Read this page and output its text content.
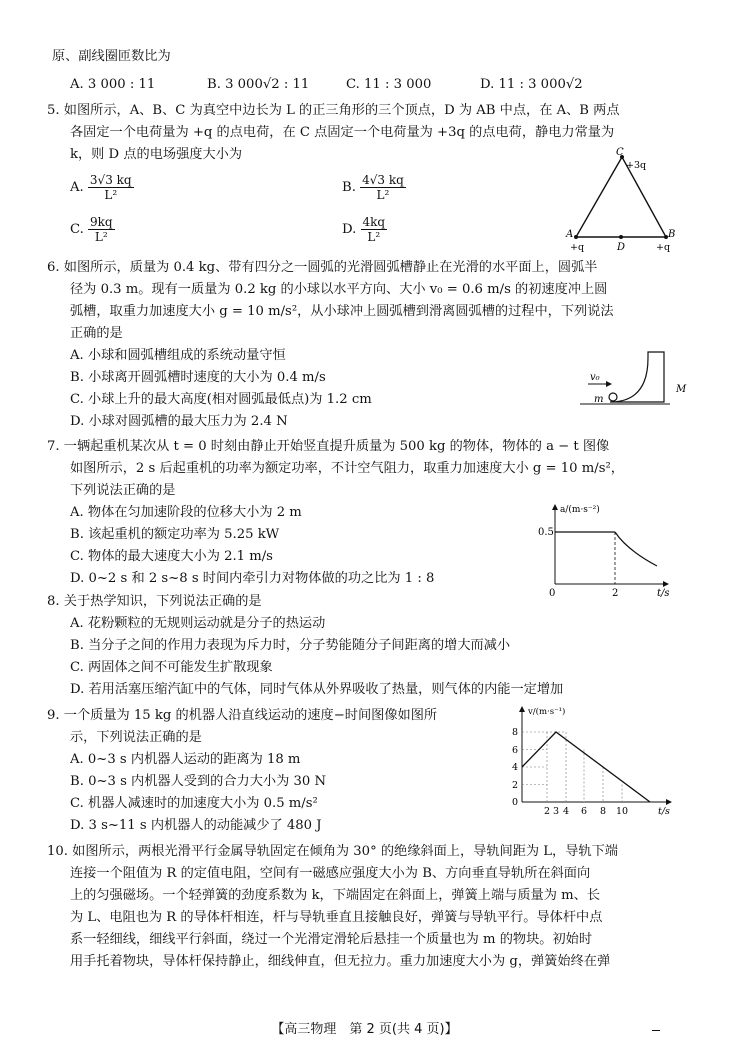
原、副线圈匝数比为
A. 3 000 : 11	B. 3 000√2 : 11	C. 11 : 3 000	D. 11 : 3 000√2
5. 如图所示，A、B、C 为真空中边长为 L 的正三角形的三个顶点，D 为 AB 中点，在 A、B 两点
各固定一个电荷量为 +q 的点电荷，在 C 点固定一个电荷量为 +3q 的点电荷，静电力常量为
k，则 D 点的电场强度大小为
A. $\frac{3√3 kq}{\text{L²}}$	B. $\frac{4√3 kq}{\text{L²}}$
C. $\frac{9kq}{\text{L²}}$	D. $\frac{4kq}{\text{L²}}$
C
+3q
A
+q
B
+q
D
6. 如图所示，质量为 0.4 kg、带有四分之一圆弧的光滑圆弧槽静止在光滑的水平面上，圆弧半
径为 0.3 m。现有一质量为 0.2 kg 的小球以水平方向、大小 v₀ = 0.6 m/s 的初速度冲上圆
弧槽，取重力加速度大小 g = 10 m/s²，从小球冲上圆弧槽到滑离圆弧槽的过程中，下列说法
正确的是
A. 小球和圆弧槽组成的系统动量守恒
B. 小球离开圆弧槽时速度的大小为 0.4 m/s
C. 小球上升的最大高度(相对圆弧最低点)为 1.2 cm
D. 小球对圆弧槽的最大压力为 2.4 N
v₀
m
M
7. 一辆起重机某次从 t = 0 时刻由静止开始竖直提升质量为 500 kg 的物体，物体的 a − t 图像
如图所示，2 s 后起重机的功率为额定功率，不计空气阻力，取重力加速度大小 g = 10 m/s²，
下列说法正确的是
A. 物体在匀加速阶段的位移大小为 2 m
B. 该起重机的额定功率为 5.25 kW
C. 物体的最大速度大小为 2.1 m/s
D. 0~2 s 和 2 s~8 s 时间内牵引力对物体做的功之比为 1 : 8
a/(m·s⁻²)
0.5
2
0	t/s
8. 关于热学知识，下列说法正确的是
A. 花粉颗粒的无规则运动就是分子的热运动
B. 当分子之间的作用力表现为斥力时，分子势能随分子间距离的增大而减小
C. 两固体之间不可能发生扩散现象
D. 若用活塞压缩汽缸中的气体，同时气体从外界吸收了热量，则气体的内能一定增加
9. 一个质量为 15 kg 的机器人沿直线运动的速度−时间图像如图所
示，下列说法正确的是
A. 0~3 s 内机器人运动的距离为 18 m
B. 0~3 s 内机器人受到的合力大小为 30 N
C. 机器人减速时的加速度大小为 0.5 m/s²
D. 3 s~11 s 内机器人的动能减少了 480 J
v/(m·s⁻¹)
8
6
4
2
0
2 3 4 6 8 10	t/s
10. 如图所示，两根光滑平行金属导轨固定在倾角为 30° 的绝缘斜面上，导轨间距为 L，导轨下端
连接一个阻值为 R 的定值电阻，空间有一磁感应强度大小为 B、方向垂直导轨所在斜面向
上的匀强磁场。一个轻弹簧的劲度系数为 k，下端固定在斜面上，弹簧上端与质量为 m、长
为 L、电阻也为 R 的导体杆相连，杆与导轨垂直且接触良好，弹簧与导轨平行。导体杆中点
系一轻细线，细线平行斜面，绕过一个光滑定滑轮后悬挂一个质量也为 m 的物块。初始时
用手托着物块，导体杆保持静止，细线伸直，但无拉力。重力加速度大小为 g，弹簧始终在弹
【高三物理　第 2 页(共 4 页)】
